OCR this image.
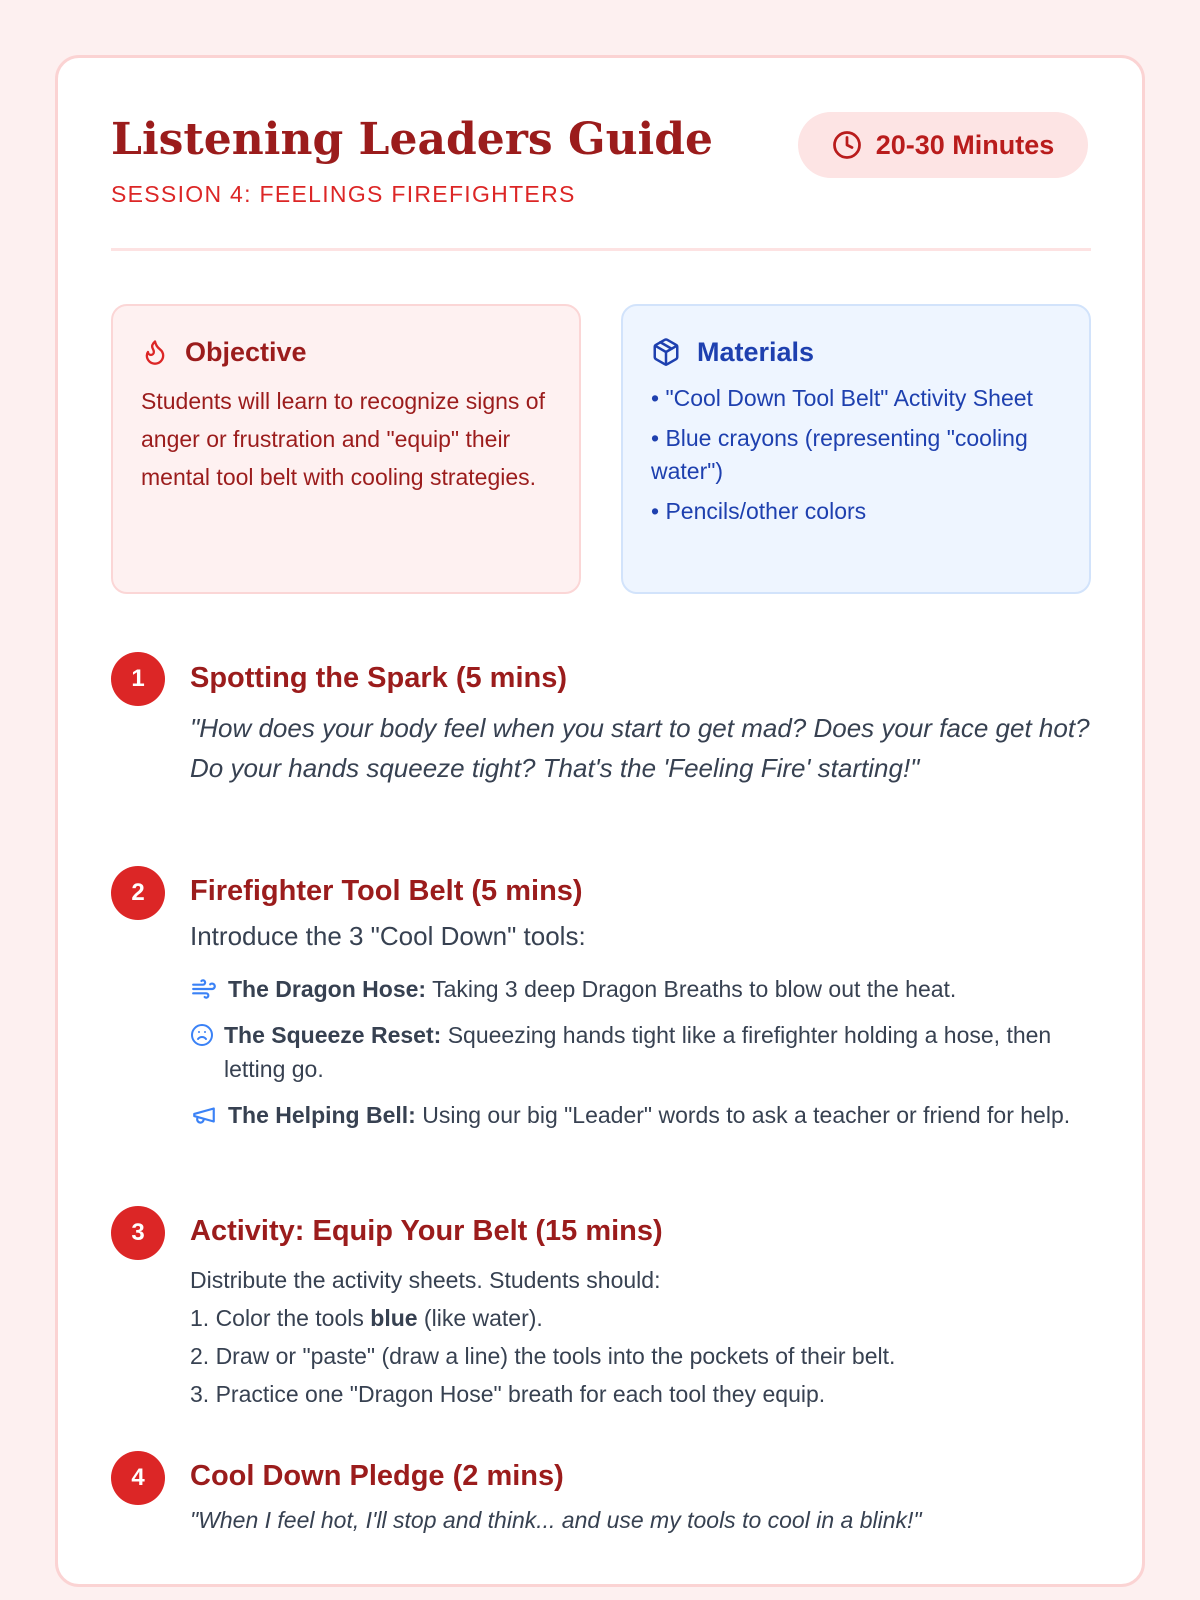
Listening Leaders Guide
SESSION 4: FEELINGS FIREFIGHTERS
20-30 Minutes
Objective
Students will learn to recognize signs of anger or frustration and "equip" their mental tool belt with cooling strategies.
Materials
• "Cool Down Tool Belt" Activity Sheet
• Blue crayons (representing "cooling water")
• Pencils/other colors
1	Spotting the Spark (5 mins)
"How does your body feel when you start to get mad? Does your face get hot? Do your hands squeeze tight? That's the 'Feeling Fire' starting!"
2	Firefighter Tool Belt (5 mins)
Introduce the 3 "Cool Down" tools:
The Dragon Hose: Taking 3 deep Dragon Breaths to blow out the heat.
The Squeeze Reset: Squeezing hands tight like a firefighter holding a hose, then letting go.
The Helping Bell: Using our big "Leader" words to ask a teacher or friend for help.
3	Activity: Equip Your Belt (15 mins)
Distribute the activity sheets. Students should:
1. Color the tools blue (like water).
2. Draw or "paste" (draw a line) the tools into the pockets of their belt.
3. Practice one "Dragon Hose" breath for each tool they equip.
4	Cool Down Pledge (2 mins)
"When I feel hot, I'll stop and think... and use my tools to cool in a blink!"
